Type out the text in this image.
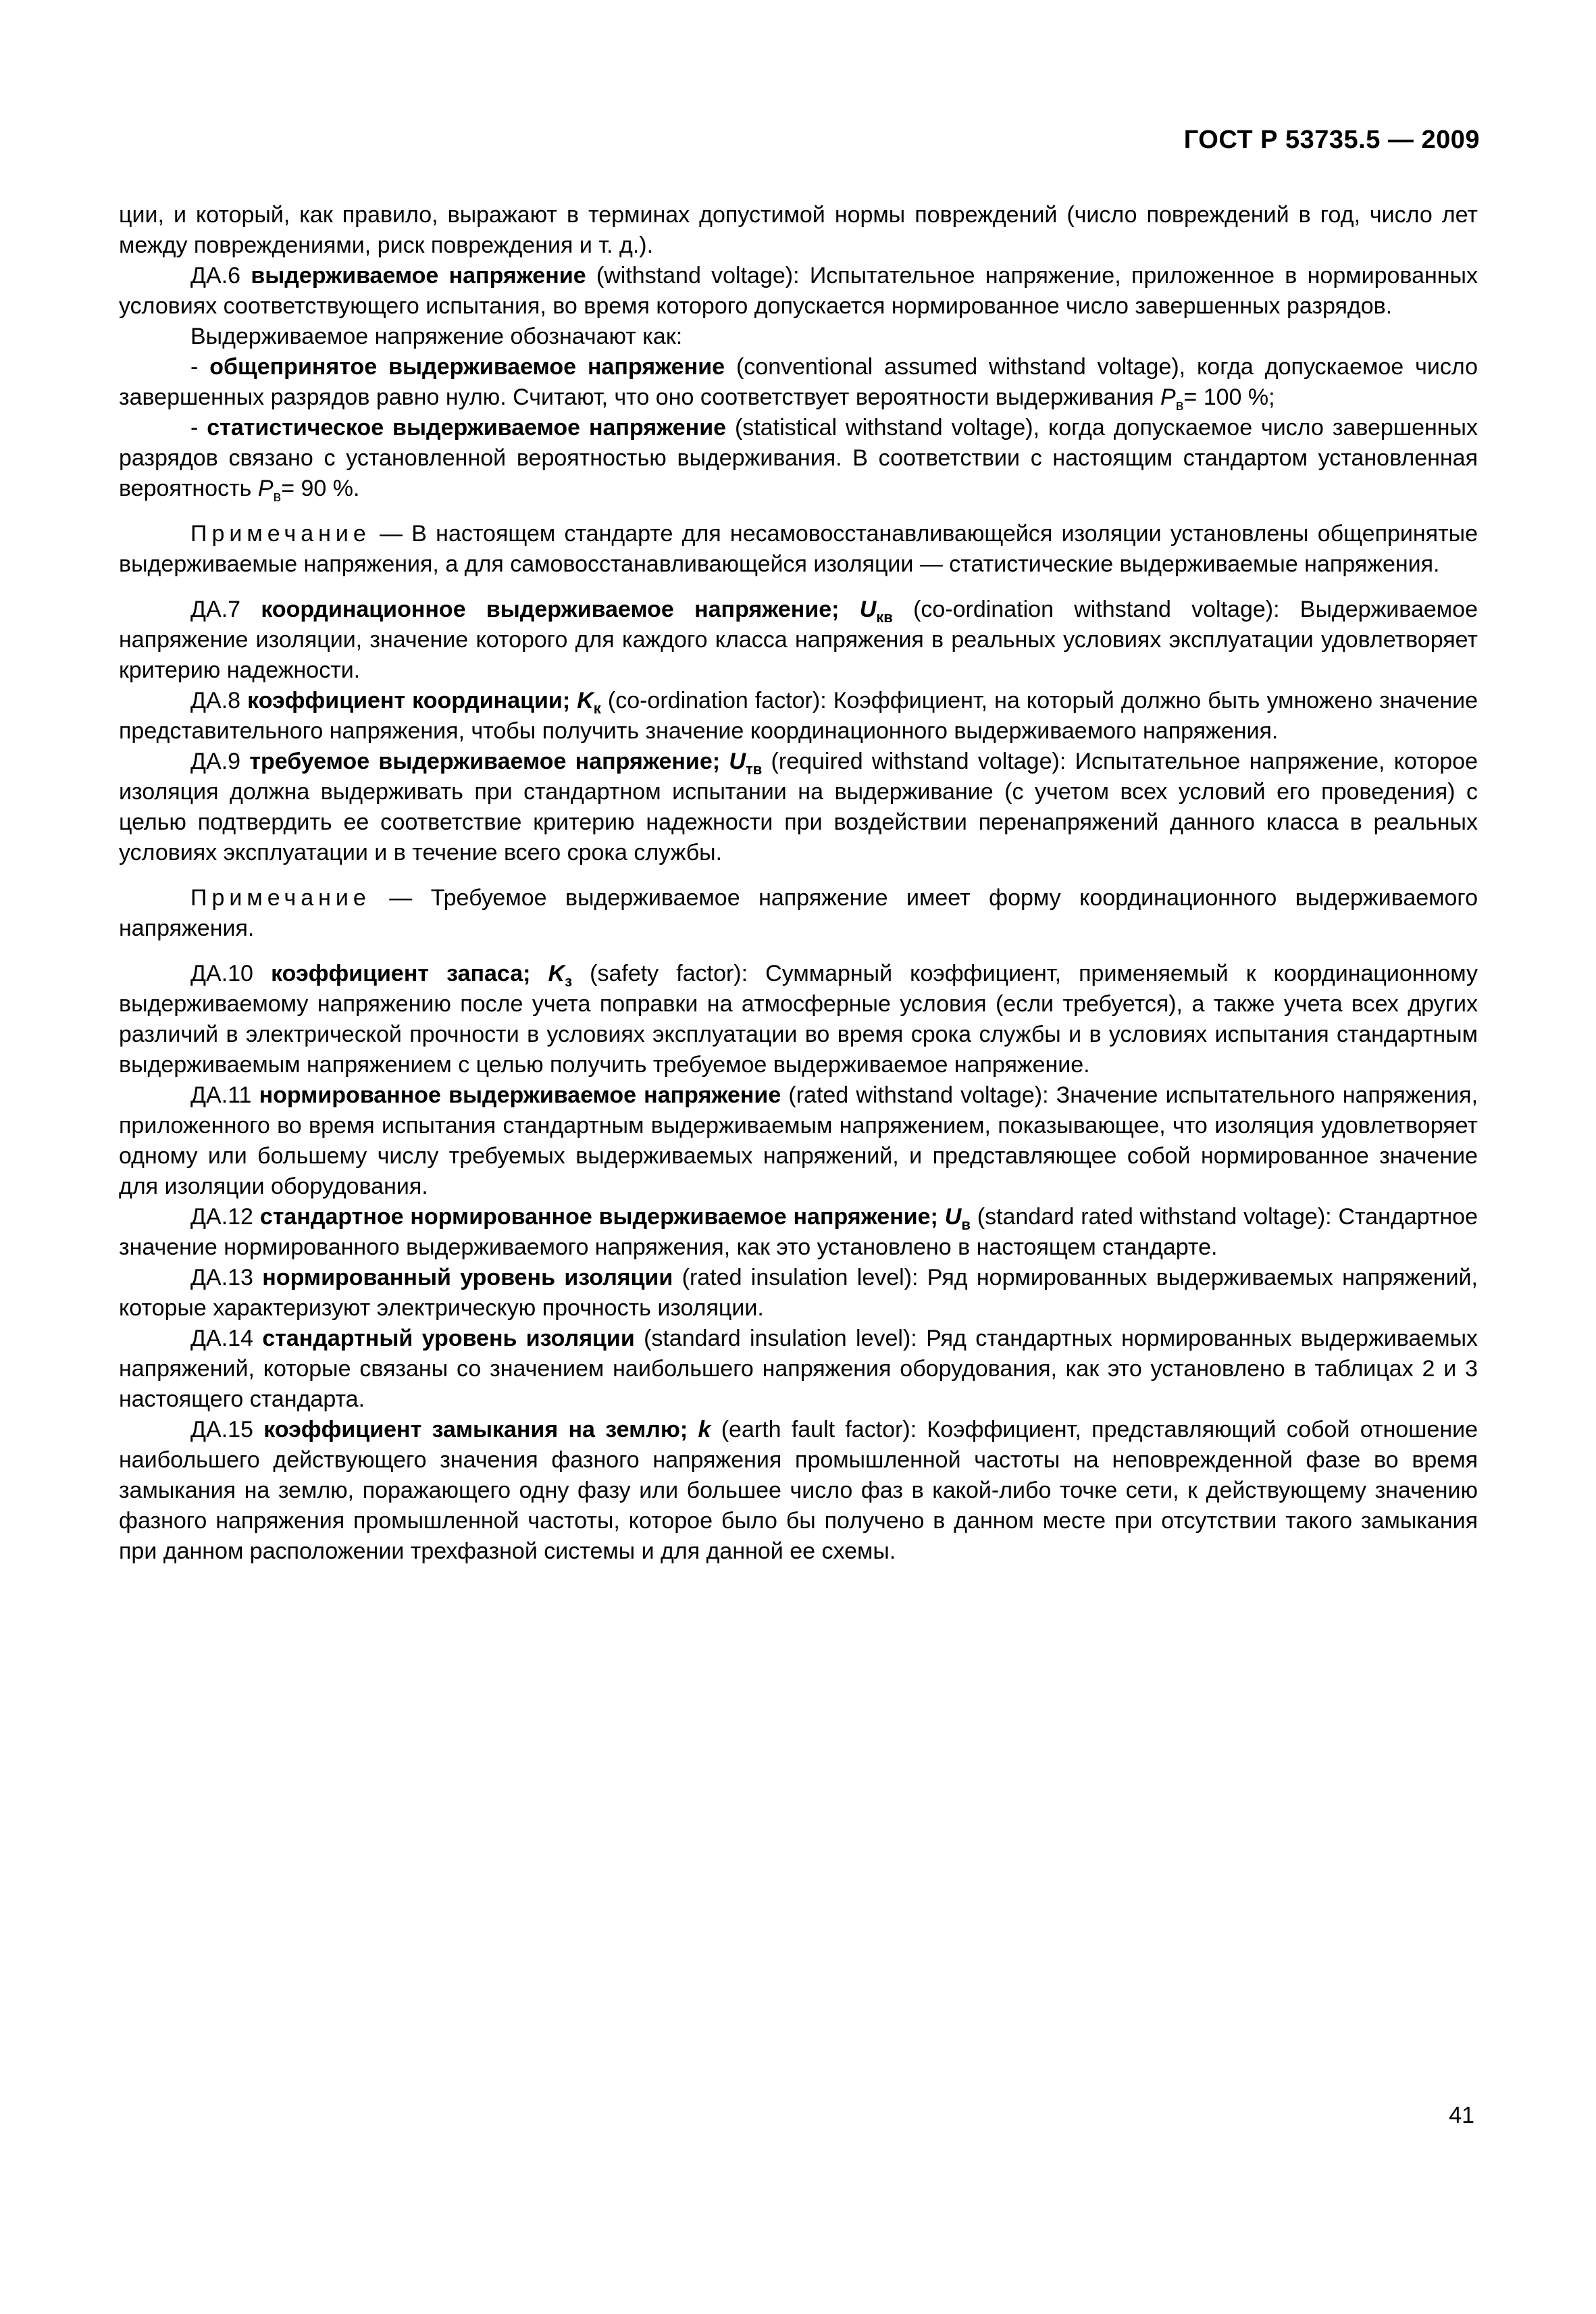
ГОСТ Р 53735.5 — 2009

ции, и который, как правило, выражают в терминах допустимой нормы повреждений (число повреждений в год, число лет между повреждениями, риск повреждения и т. д.).

ДА.6 выдерживаемое напряжение (withstand voltage): Испытательное напряжение, приложенное в нормированных условиях соответствующего испытания, во время которого допускается нормированное число завершенных разрядов.

Выдерживаемое напряжение обозначают как:

- общепринятое выдерживаемое напряжение (conventional assumed withstand voltage), когда допускаемое число завершенных разрядов равно нулю. Считают, что оно соответствует вероятности выдерживания $P_в= 100$ %;

- статистическое выдерживаемое напряжение (statistical withstand voltage), когда допускаемое число завершенных разрядов связано с установленной вероятностью выдерживания. В соответствии с настоящим стандартом установленная вероятность $P_в= 90$ %.

Примечание — В настоящем стандарте для несамовосстанавливающейся изоляции установлены общепринятые выдерживаемые напряжения, а для самовосстанавливающейся изоляции — статистические выдерживаемые напряжения.

ДА.7 координационное выдерживаемое напряжение; $U_{кв}$ (co-ordination withstand voltage): Выдерживаемое напряжение изоляции, значение которого для каждого класса напряжения в реальных условиях эксплуатации удовлетворяет критерию надежности.

ДА.8 коэффициент координации; $K_к$ (co-ordination factor): Коэффициент, на который должно быть умножено значение представительного напряжения, чтобы получить значение координационного выдерживаемого напряжения.

ДА.9 требуемое выдерживаемое напряжение; $U_{тв}$ (required withstand voltage): Испытательное напряжение, которое изоляция должна выдерживать при стандартном испытании на выдерживание (с учетом всех условий его проведения) с целью подтвердить ее соответствие критерию надежности при воздействии перенапряжений данного класса в реальных условиях эксплуатации и в течение всего срока службы.

Примечание — Требуемое выдерживаемое напряжение имеет форму координационного выдерживаемого напряжения.

ДА.10 коэффициент запаса; $K_з$ (safety factor): Суммарный коэффициент, применяемый к координационному выдерживаемому напряжению после учета поправки на атмосферные условия (если требуется), а также учета всех других различий в электрической прочности в условиях эксплуатации во время срока службы и в условиях испытания стандартным выдерживаемым напряжением с целью получить требуемое выдерживаемое напряжение.

ДА.11 нормированное выдерживаемое напряжение (rated withstand voltage): Значение испытательного напряжения, приложенного во время испытания стандартным выдерживаемым напряжением, показывающее, что изоляция удовлетворяет одному или большему числу требуемых выдерживаемых напряжений, и представляющее собой нормированное значение для изоляции оборудования.

ДА.12 стандартное нормированное выдерживаемое напряжение; $U_в$ (standard rated withstand voltage): Стандартное значение нормированного выдерживаемого напряжения, как это установлено в настоящем стандарте.

ДА.13 нормированный уровень изоляции (rated insulation level): Ряд нормированных выдерживаемых напряжений, которые характеризуют электрическую прочность изоляции.

ДА.14 стандартный уровень изоляции (standard insulation level): Ряд стандартных нормированных выдерживаемых напряжений, которые связаны со значением наибольшего напряжения оборудования, как это установлено в таблицах 2 и 3 настоящего стандарта.

ДА.15 коэффициент замыкания на землю; k (earth fault factor): Коэффициент, представляющий собой отношение наибольшего действующего значения фазного напряжения промышленной частоты на неповрежденной фазе во время замыкания на землю, поражающего одну фазу или большее число фаз в какой-либо точке сети, к действующему значению фазного напряжения промышленной частоты, которое было бы получено в данном месте при отсутствии такого замыкания при данном расположении трехфазной системы и для данной ее схемы.

41
